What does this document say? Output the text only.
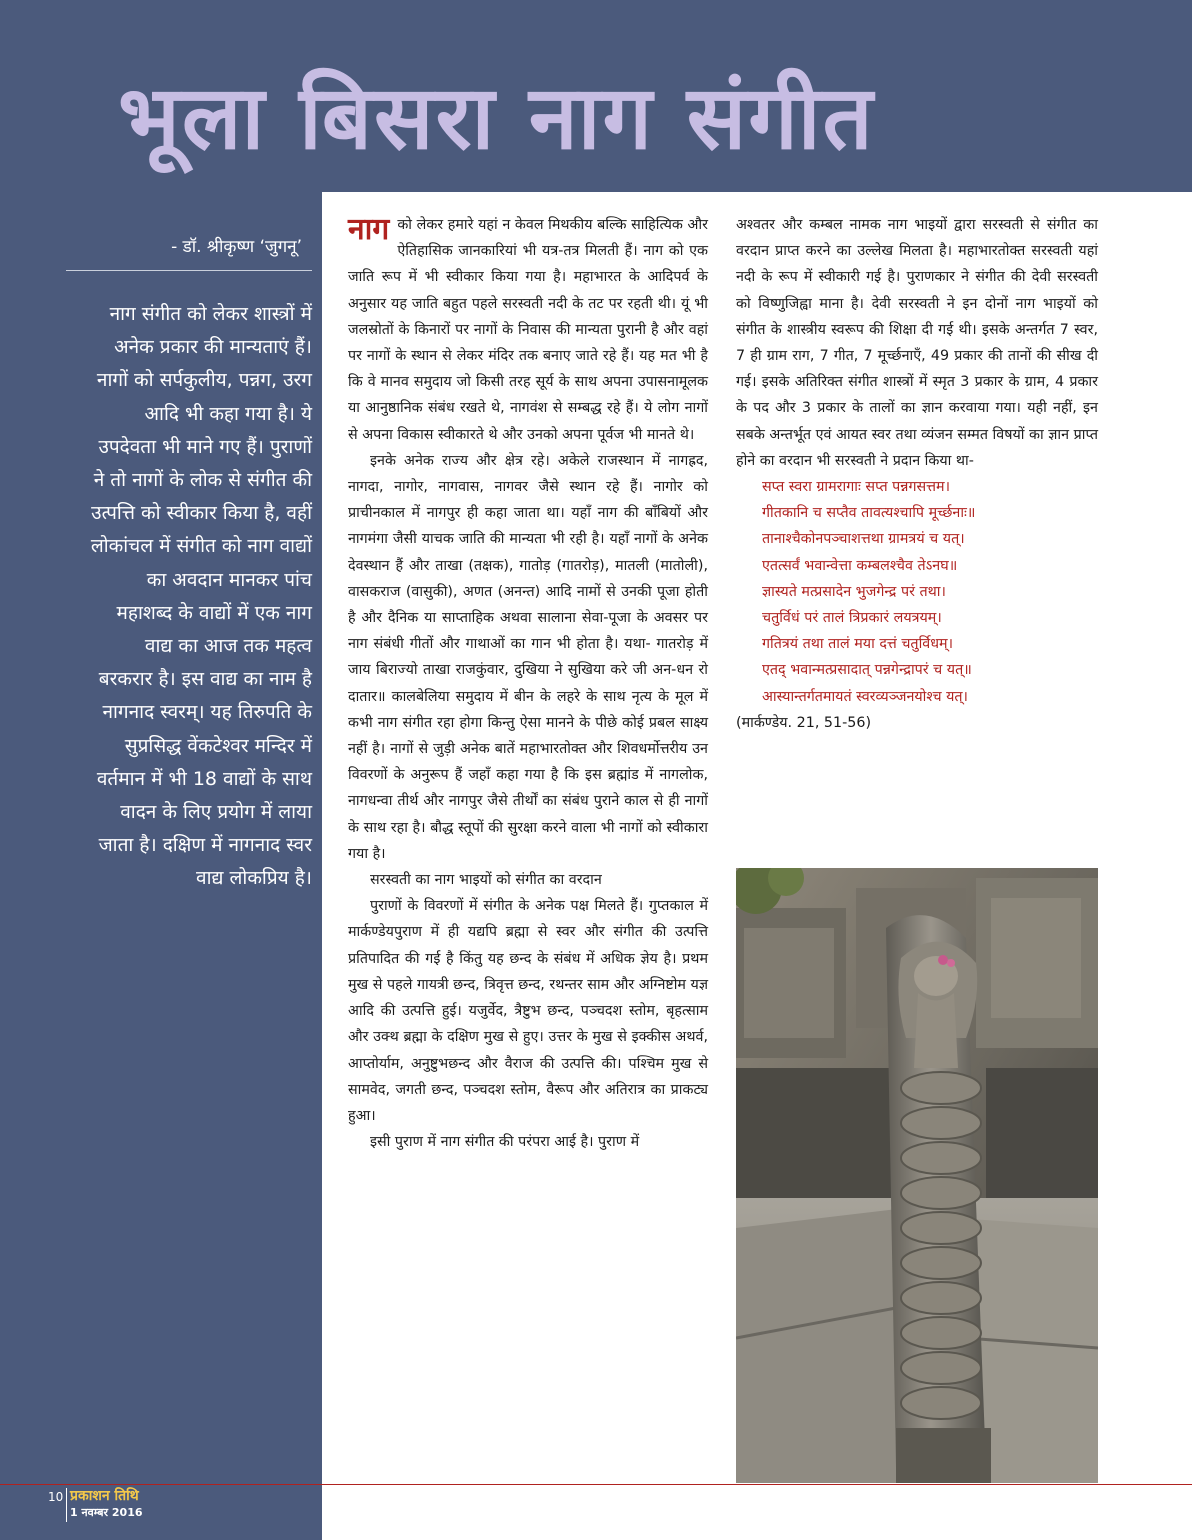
भूला बिसरा नाग संगीत
- डॉ. श्रीकृष्ण ‘जुगनू’
नाग संगीत को लेकर शास्त्रों में अनेक प्रकार की मान्यताएं हैं। नागों को सर्पकुलीय, पन्नग, उरग आदि भी कहा गया है। ये उपदेवता भी माने गए हैं। पुराणों ने तो नागों के लोक से संगीत की उत्पत्ति को स्वीकार किया है, वहीं लोकांचल में संगीत को नाग वाद्यों का अवदान मानकर पांच महाशब्द के वाद्यों में एक नाग वाद्य का आज तक महत्व बरकरार है। इस वाद्य का नाम है नागनाद स्वरम्। यह तिरुपति के सुप्रसिद्ध वेंकटेश्वर मन्दिर में वर्तमान में भी 18 वाद्यों के साथ वादन के लिए प्रयोग में लाया जाता है। दक्षिण में नागनाद स्वर वाद्य लोकप्रिय है।

नाग को लेकर हमारे यहां न केवल मिथकीय बल्कि साहित्यिक और ऐतिहासिक जानकारियां भी यत्र-तत्र मिलती हैं। नाग को एक जाति रूप में भी स्वीकार किया गया है। महाभारत के आदिपर्व के अनुसार यह जाति बहुत पहले सरस्वती नदी के तट पर रहती थी। यूं भी जलस्रोतों के किनारों पर नागों के निवास की मान्यता पुरानी है और वहां पर नागों के स्थान से लेकर मंदिर तक बनाए जाते रहे हैं। यह मत भी है कि वे मानव समुदाय जो किसी तरह सूर्य के साथ अपना उपासनामूलक या आनुष्ठानिक संबंध रखते थे, नागवंश से सम्बद्ध रहे हैं। ये लोग नागों से अपना विकास स्वीकारते थे और उनको अपना पूर्वज भी मानते थे।

इनके अनेक राज्य और क्षेत्र रहे। अकेले राजस्थान में नागह्रद, नागदा, नागोर, नागवास, नागवर जैसे स्थान रहे हैं। नागोर को प्राचीनकाल में नागपुर ही कहा जाता था। यहाँ नाग की बाँबियों और नागमंगा जैसी याचक जाति की मान्यता भी रही है। यहाँ नागों के अनेक देवस्थान हैं और ताखा (तक्षक), गातोड़ (गातरोड़), मातली (मातोली), वासकराज (वासुकी), अणत (अनन्त) आदि नामों से उनकी पूजा होती है और दैनिक या साप्ताहिक अथवा सालाना सेवा-पूजा के अवसर पर नाग संबंधी गीतों और गाथाओं का गान भी होता है। यथा- गातरोड़ में जाय बिराज्यो ताखा राजकुंवार, दुखिया ने सुखिया करे जी अन-धन रो दातार॥ कालबेलिया समुदाय में बीन के लहरे के साथ नृत्य के मूल में कभी नाग संगीत रहा होगा किन्तु ऐसा मानने के पीछे कोई प्रबल साक्ष्य नहीं है। नागों से जुड़ी अनेक बातें महाभारतोक्त और शिवधर्मोत्तरीय उन विवरणों के अनुरूप हैं जहाँ कहा गया है कि इस ब्रह्मांड में नागलोक, नागधन्वा तीर्थ और नागपुर जैसे तीर्थों का संबंध पुराने काल से ही नागों के साथ रहा है। बौद्ध स्तूपों की सुरक्षा करने वाला भी नागों को स्वीकारा गया है।

सरस्वती का नाग भाइयों को संगीत का वरदान

पुराणों के विवरणों में संगीत के अनेक पक्ष मिलते हैं। गुप्तकाल में मार्कण्डेयपुराण में ही यद्यपि ब्रह्मा से स्वर और संगीत की उत्पत्ति प्रतिपादित की गई है किंतु यह छन्द के संबंध में अधिक ज्ञेय है। प्रथम मुख से पहले गायत्री छन्द, त्रिवृत्त छन्द, रथन्तर साम और अग्निष्टोम यज्ञ आदि की उत्पत्ति हुई। यजुर्वेद, त्रैष्टुभ छन्द, पञ्चदश स्तोम, बृहत्साम और उक्थ ब्रह्मा के दक्षिण मुख से हुए। उत्तर के मुख से इक्कीस अथर्व, आप्तोर्याम, अनुष्टुभछन्द और वैराज की उत्पत्ति की। पश्चिम मुख से सामवेद, जगती छन्द, पञ्चदश स्तोम, वैरूप और अतिरात्र का प्राकट्य हुआ।

इसी पुराण में नाग संगीत की परंपरा आई है। पुराण में

अश्वतर और कम्बल नामक नाग भाइयों द्वारा सरस्वती से संगीत का वरदान प्राप्त करने का उल्लेख मिलता है। महाभारतोक्त सरस्वती यहां नदी के रूप में स्वीकारी गई है। पुराणकार ने संगीत की देवी सरस्वती को विष्णुजिह्वा माना है। देवी सरस्वती ने इन दोनों नाग भाइयों को संगीत के शास्त्रीय स्वरूप की शिक्षा दी गई थी। इसके अन्तर्गत 7 स्वर, 7 ही ग्राम राग, 7 गीत, 7 मूर्च्छनाएँ, 49 प्रकार की तानों की सीख दी गई। इसके अतिरिक्त संगीत शास्त्रों में स्मृत 3 प्रकार के ग्राम, 4 प्रकार के पद और 3 प्रकार के तालों का ज्ञान करवाया गया। यही नहीं, इन सबके अन्तर्भूत एवं आयत स्वर तथा व्यंजन सम्मत विषयों का ज्ञान प्राप्त होने का वरदान भी सरस्वती ने प्रदान किया था-

सप्त स्वरा ग्रामरागाः सप्त पन्नगसत्तम।
गीतकानि च सप्तैव तावत्यश्चापि मूर्च्छनाः॥
तानाश्चैकोनपञ्चाशत्तथा ग्रामत्रयं च यत्।
एतत्सर्वं भवान्वेत्ता कम्बलश्चैव तेऽनघ॥
ज्ञास्यते मत्प्रसादेन भुजगेन्द्र परं तथा।
चतुर्विधं परं तालं त्रिप्रकारं लयत्रयम्।
गतित्रयं तथा तालं मया दत्तं चतुर्विधम्।
एतद् भवान्मत्प्रसादात् पन्नगेन्द्रापरं च यत्॥
आस्यान्तर्गतमायतं स्वरव्यञ्जनयोश्च यत्।
(मार्कण्डेय. 21, 51-56)
10 प्रकाशन तिथि
1 नवम्बर 2016
